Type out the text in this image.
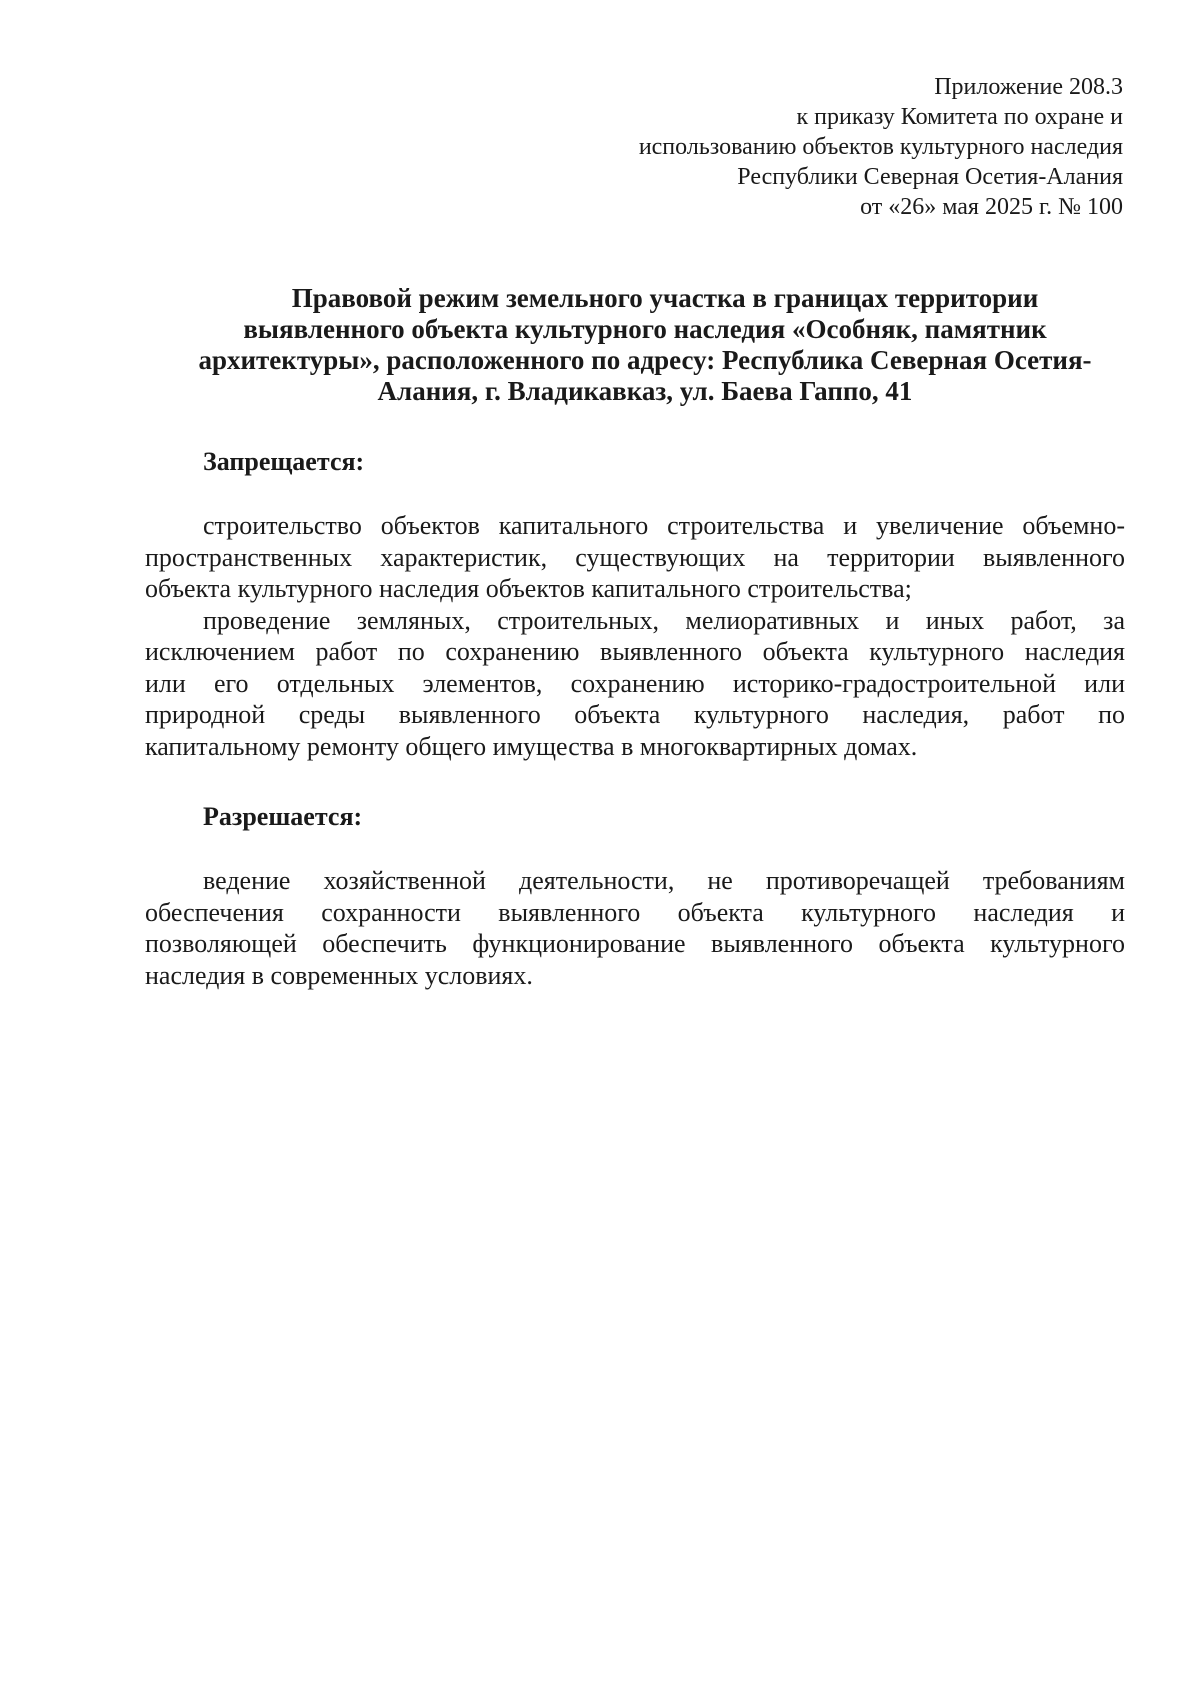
Приложение 208.3
к приказу Комитета по охране и
использованию объектов культурного наследия
Республики Северная Осетия-Алания
от «26» мая 2025 г. № 100
Правовой режим земельного участка в границах территории
выявленного объекта культурного наследия «Особняк, памятник
архитектуры», расположенного по адресу: Республика Северная Осетия-
Алания, г. Владикавказ, ул. Баева Гаппо, 41
Запрещается:
строительство объектов капитального строительства и увеличение объемно-
пространственных характеристик, существующих на территории выявленного
объекта культурного наследия объектов капитального строительства;
проведение земляных, строительных, мелиоративных и иных работ, за
исключением работ по сохранению выявленного объекта культурного наследия
или его отдельных элементов, сохранению историко-градостроительной или
природной среды выявленного объекта культурного наследия, работ по
капитальному ремонту общего имущества в многоквартирных домах.
Разрешается:
ведение хозяйственной деятельности, не противоречащей требованиям
обеспечения сохранности выявленного объекта культурного наследия и
позволяющей обеспечить функционирование выявленного объекта культурного
наследия в современных условиях.
